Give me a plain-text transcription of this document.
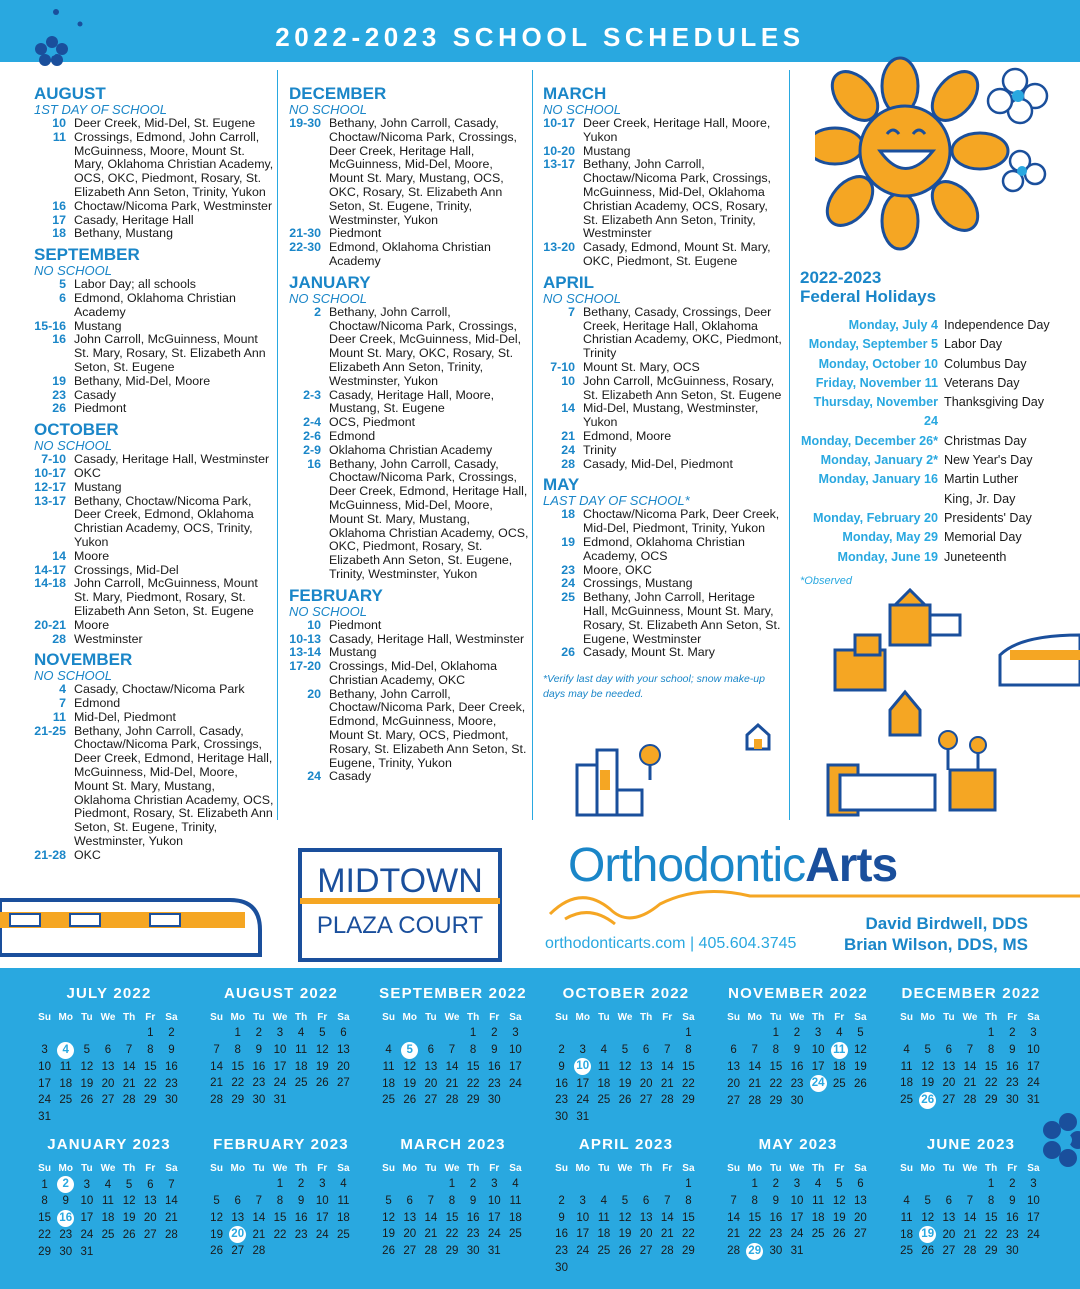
2022-2023 SCHOOL SCHEDULES
AUGUST
1ST DAY OF SCHOOL
10 Deer Creek, Mid-Del, St. Eugene
11 Crossings, Edmond, John Carroll, McGuinness, Moore, Mount St. Mary, Oklahoma Christian Academy, OCS, OKC, Piedmont, Rosary, St. Elizabeth Ann Seton, Trinity, Yukon
16 Choctaw/Nicoma Park, Westminster
17 Casady, Heritage Hall
18 Bethany, Mustang
SEPTEMBER
NO SCHOOL
5 Labor Day; all schools
6 Edmond, Oklahoma Christian Academy
15-16 Mustang
16 John Carroll, McGuinness, Mount St. Mary, Rosary, St. Elizabeth Ann Seton, St. Eugene
19 Bethany, Mid-Del, Moore
23 Casady
26 Piedmont
OCTOBER
NO SCHOOL
7-10 Casady, Heritage Hall, Westminster
10-17 OKC
12-17 Mustang
13-17 Bethany, Choctaw/Nicoma Park, Deer Creek, Edmond, Oklahoma Christian Academy, OCS, Trinity, Yukon
14 Moore
14-17 Crossings, Mid-Del
14-18 John Carroll, McGuinness, Mount St. Mary, Piedmont, Rosary, St. Elizabeth Ann Seton, St. Eugene
20-21 Moore
28 Westminster
NOVEMBER
NO SCHOOL
4 Casady, Choctaw/Nicoma Park
7 Edmond
11 Mid-Del, Piedmont
21-25 Bethany, John Carroll, Casady, Choctaw/Nicoma Park, Crossings, Deer Creek, Edmond, Heritage Hall, McGuinness, Mid-Del, Moore, Mount St. Mary, Mustang, Oklahoma Christian Academy, OCS, Piedmont, Rosary, St. Elizabeth Ann Seton, St. Eugene, Trinity, Westminster, Yukon
21-28 OKC
DECEMBER
NO SCHOOL
19-30 Bethany, John Carroll, Casady, Choctaw/Nicoma Park, Crossings, Deer Creek, Heritage Hall, McGuinness, Mid-Del, Moore, Mount St. Mary, Mustang, OCS, OKC, Rosary, St. Elizabeth Ann Seton, St. Eugene, Trinity, Westminster, Yukon
21-30 Piedmont
22-30 Edmond, Oklahoma Christian Academy
JANUARY
NO SCHOOL
2 Bethany, John Carroll, Choctaw/Nicoma Park, Crossings, Deer Creek, McGuinness, Mid-Del, Mount St. Mary, OKC, Rosary, St. Elizabeth Ann Seton, Trinity, Westminster, Yukon
2-3 Casady, Heritage Hall, Moore, Mustang, St. Eugene
2-4 OCS, Piedmont
2-6 Edmond
2-9 Oklahoma Christian Academy
16 Bethany, John Carroll, Casady, Choctaw/Nicoma Park, Crossings, Deer Creek, Edmond, Heritage Hall, McGuinness, Mid-Del, Moore, Mount St. Mary, Mustang, Oklahoma Christian Academy, OCS, OKC, Piedmont, Rosary, St. Elizabeth Ann Seton, St. Eugene, Trinity, Westminster, Yukon
FEBRUARY
NO SCHOOL
10 Piedmont
10-13 Casady, Heritage Hall, Westminster
13-14 Mustang
17-20 Crossings, Mid-Del, Oklahoma Christian Academy, OKC
20 Bethany, John Carroll, Choctaw/Nicoma Park, Deer Creek, Edmond, McGuinness, Moore, Mount St. Mary, OCS, Piedmont, Rosary, St. Elizabeth Ann Seton, St. Eugene, Trinity, Yukon
24 Casady
MARCH
NO SCHOOL
10-17 Deer Creek, Heritage Hall, Moore, Yukon
10-20 Mustang
13-17 Bethany, John Carroll, Choctaw/Nicoma Park, Crossings, McGuinness, Mid-Del, Oklahoma Christian Academy, OCS, Rosary, St. Elizabeth Ann Seton, Trinity, Westminster
13-20 Casady, Edmond, Mount St. Mary, OKC, Piedmont, St. Eugene
APRIL
NO SCHOOL
7 Bethany, Casady, Crossings, Deer Creek, Heritage Hall, Oklahoma Christian Academy, OKC, Piedmont, Trinity
7-10 Mount St. Mary, OCS
10 John Carroll, McGuinness, Rosary, St. Elizabeth Ann Seton, St. Eugene
14 Mid-Del, Mustang, Westminster, Yukon
21 Edmond, Moore
24 Trinity
28 Casady, Mid-Del, Piedmont
MAY
LAST DAY OF SCHOOL*
18 Choctaw/Nicoma Park, Deer Creek, Mid-Del, Piedmont, Trinity, Yukon
19 Edmond, Oklahoma Christian Academy, OCS
23 Moore, OKC
24 Crossings, Mustang
25 Bethany, John Carroll, Heritage Hall, McGuinness, Mount St. Mary, Rosary, St. Elizabeth Ann Seton, St. Eugene, Westminster
26 Casady, Mount St. Mary
*Verify last day with your school; snow make-up days may be needed.
2022-2023
Federal Holidays
Monday, July 4 Independence Day
Monday, September 5 Labor Day
Monday, October 10 Columbus Day
Friday, November 11 Veterans Day
Thursday, November 24
Thanksgiving Day
Monday, December 26* Christmas Day
Monday, January 2* New Year's Day
Monday, January 16 Martin Luther
King, Jr. Day
Monday, February 20 Presidents' Day
Monday, May 29 Memorial Day
Monday, June 19 Juneteenth
*Observed
MIDTOWN
PLAZA COURT
OrthodonticArts
orthodonticarts.com | 405.604.3745
David Birdwell, DDS
Brian Wilson, DDS, MS
JULY 2022
Su	Mo	Tu	We	Th	Fr	Sa
					1	2
3	4	5	6	7	8	9
10	11	12	13	14	15	16
17	18	19	20	21	22	23
24	25	26	27	28	29	30
31						
AUGUST 2022
Su	Mo	Tu	We	Th	Fr	Sa
	1	2	3	4	5	6
7	8	9	10	11	12	13
14	15	16	17	18	19	20
21	22	23	24	25	26	27
28	29	30	31			
SEPTEMBER 2022
Su	Mo	Tu	We	Th	Fr	Sa
				1	2	3
4	5	6	7	8	9	10
11	12	13	14	15	16	17
18	19	20	21	22	23	24
25	26	27	28	29	30	
OCTOBER 2022
Su	Mo	Tu	We	Th	Fr	Sa
						1
2	3	4	5	6	7	8
9	10	11	12	13	14	15
16	17	18	19	20	21	22
23	24	25	26	27	28	29
30	31					
NOVEMBER 2022
Su	Mo	Tu	We	Th	Fr	Sa
		1	2	3	4	5
6	7	8	9	10	11	12
13	14	15	16	17	18	19
20	21	22	23	24	25	26
27	28	29	30			
DECEMBER 2022
Su	Mo	Tu	We	Th	Fr	Sa
				1	2	3
4	5	6	7	8	9	10
11	12	13	14	15	16	17
18	19	20	21	22	23	24
25	26	27	28	29	30	31
JANUARY 2023
Su	Mo	Tu	We	Th	Fr	Sa
1	2	3	4	5	6	7
8	9	10	11	12	13	14
15	16	17	18	19	20	21
22	23	24	25	26	27	28
29	30	31				
FEBRUARY 2023
Su	Mo	Tu	We	Th	Fr	Sa
			1	2	3	4
5	6	7	8	9	10	11
12	13	14	15	16	17	18
19	20	21	22	23	24	25
26	27	28				
MARCH 2023
Su	Mo	Tu	We	Th	Fr	Sa
			1	2	3	4
5	6	7	8	9	10	11
12	13	14	15	16	17	18
19	20	21	22	23	24	25
26	27	28	29	30	31	
APRIL 2023
Su	Mo	Tu	We	Th	Fr	Sa
						1
2	3	4	5	6	7	8
9	10	11	12	13	14	15
16	17	18	19	20	21	22
23	24	25	26	27	28	29
30						
MAY 2023
Su	Mo	Tu	We	Th	Fr	Sa
	1	2	3	4	5	6
7	8	9	10	11	12	13
14	15	16	17	18	19	20
21	22	23	24	25	26	27
28	29	30	31			
JUNE 2023
Su	Mo	Tu	We	Th	Fr	Sa
				1	2	3
4	5	6	7	8	9	10
11	12	13	14	15	16	17
18	19	20	21	22	23	24
25	26	27	28	29	30	
